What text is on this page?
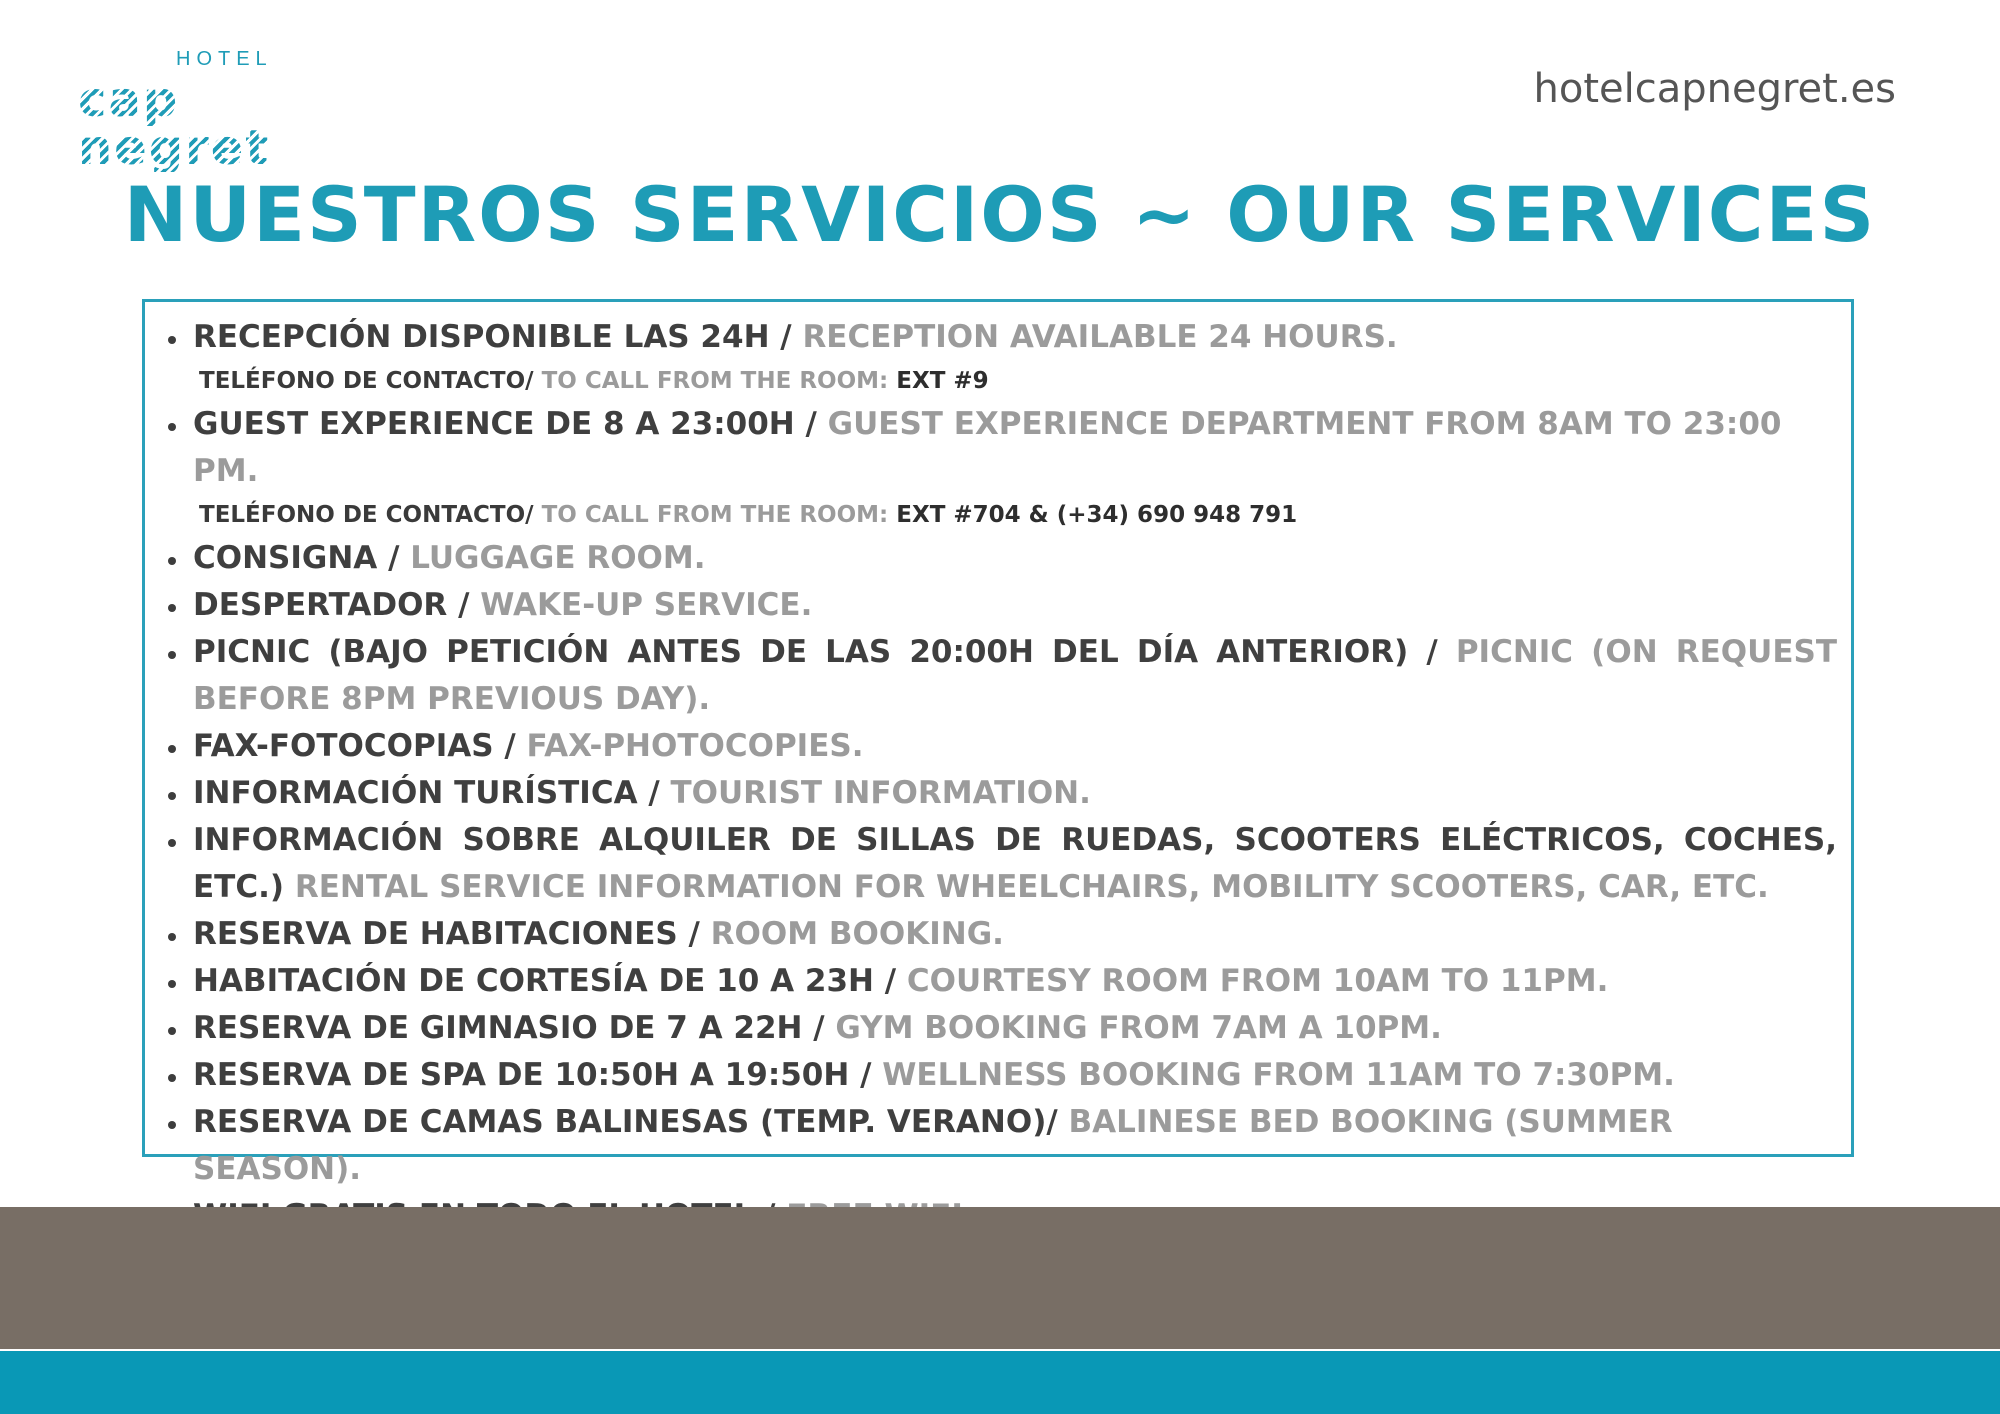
HOTEL
cap negret
hotelcapnegret.es
NUESTROS SERVICIOS ~ OUR SERVICES
RECEPCIÓN DISPONIBLE LAS 24H / RECEPTION AVAILABLE 24 HOURS.
TELÉFONO DE CONTACTO/ TO CALL FROM THE ROOM: EXT #9
GUEST EXPERIENCE DE 8 A 23:00H / GUEST EXPERIENCE DEPARTMENT FROM 8AM TO 23:00 PM.
TELÉFONO DE CONTACTO/ TO CALL FROM THE ROOM: EXT #704 & (+34) 690 948 791
CONSIGNA / LUGGAGE ROOM.
DESPERTADOR / WAKE-UP SERVICE.
PICNIC (BAJO PETICIÓN ANTES DE LAS 20:00H DEL DÍA ANTERIOR) / PICNIC (ON REQUEST BEFORE 8PM PREVIOUS DAY).
FAX-FOTOCOPIAS / FAX-PHOTOCOPIES.
INFORMACIÓN TURÍSTICA / TOURIST INFORMATION.
INFORMACIÓN SOBRE ALQUILER DE SILLAS DE RUEDAS, SCOOTERS ELÉCTRICOS, COCHES, ETC.) RENTAL SERVICE INFORMATION FOR WHEELCHAIRS, MOBILITY SCOOTERS, CAR, ETC.
RESERVA DE HABITACIONES / ROOM BOOKING.
HABITACIÓN DE CORTESÍA DE 10 A 23H / COURTESY ROOM FROM 10AM TO 11PM.
RESERVA DE GIMNASIO DE 7 A 22H / GYM BOOKING FROM 7AM A 10PM.
RESERVA DE SPA DE 10:50H A 19:50H / WELLNESS BOOKING FROM 11AM TO 7:30PM.
RESERVA DE CAMAS BALINESAS (TEMP. VERANO)/ BALINESE BED BOOKING (SUMMER SEASON).
